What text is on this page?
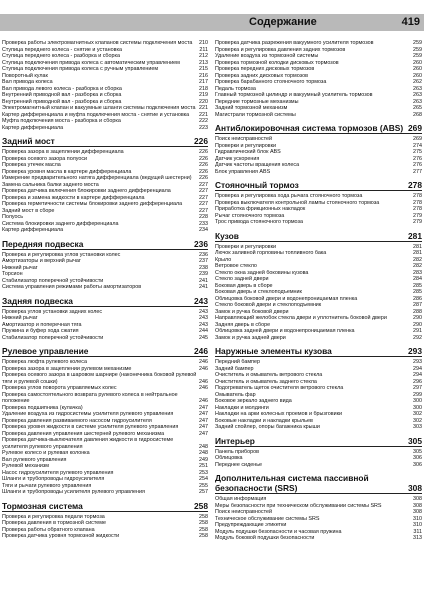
Содержание	419
Проверка работы электромагнитных клапанов системы подключения моста	210
Ступица переднего колеса - снятие и установка	211
Ступица переднего колеса - разборка и сборка	212
Ступица подключения привода колеса с автоматическим управлением	213
Ступица подключения привода колеса с ручным управлением	215
Поворотный кулак	216
Вал привода колеса	217
Вал привода левого колеса - разборка и сборка	218
Внутренний приводной вал - разборка и сборка	219
Внутренний приводной вал - разборка и сборка	220
Электромагнитный клапан и вакуумные шланги системы подключения моста 221
Картер дифференциала и муфта подключения моста - снятие и установка	221
Муфта подключения моста - разборка и сборка	222
Картер дифференциала	223
Задний мост	226
Проверка зазора в зацеплении дифференциала	226
Проверка осевого зазора полуоси	226
Проверка утечек масла	226
Проверка уровня масла в картере дифференциала	226
Измерение предварительного натяга дифференциала (ведущей шестерни)	226
Замена сальника балки заднего моста	227
Проверка датчика включения блокировки заднего дифференциала	227
Проверка и замена жидкости в картере дифференциала	227
Проверка герметичности системы блокировки заднего дифференциала	227
Задний мост в сборе	227
Полуось	228
Система блокировки заднего дифференциала	233
Картер дифференциала	234
Передняя подвеска	236
Проверка и регулировка углов установки колес	236
Амортизаторы и верхний рычаг	237
Нижний рычаг	238
Торсион	239
Стабилизатор поперечной устойчивости	241
Система управления режимами работы амортизаторов	241
Задняя подвеска	243
Проверка углов установки задних колес	243
Нижний рычаг	243
Амортизатор и поперечная тяга	243
Пружина и буфер хода сжатия	244
Стабилизатор поперечной устойчивости	245
Рулевое управление	246
Проверка люфта рулевого колеса	246
Проверка зазора в зацеплении рулевом механизме	246
Проверка осевого зазора в шаровом шарнире (наконечника боковой рулевой тяги и рулевой сошки)	246
Проверка углов поворота управляемых колес	246
Проверка самостоятельного возврата рулевого колеса в нейтральное положение	246
Проверка подшипника (кулачка)	247
Удаление воздуха из гидросистемы усилителя рулевого управления	247
Проверка давления развиваемого насосом гидроусилителя	247
Проверка уровня жидкости в системе усилителя рулевого управления	247
Проверка давления управления шестерней рулевого механизма	247
Проверка датчика-выключателя давления жидкости в гидросистеме усилителя рулевого управления	248
Рулевое колесо и рулевая колонка	248
Вал рулевого управления	249
Рулевой механизм	251
Насос гидроусилителя рулевого управления	253
Шланги и трубопроводы гидроусилителя	254
Тяги и рычаги рулевого управления	255
Шланги и трубопроводы усилителя рулевого управления	257
Тормозная система	258
Проверка и регулировка педали тормоза	258
Проверка давления в тормозной системе	258
Проверка работы обратного клапана	258
Проверка датчика уровня тормозной жидкости	258
Проверка датчика разрежения вакуумного усилителя тормозов	259
Проверка и регулировка давления задних тормозов	259
Удаление воздуха из тормозной системы	259
Проверка тормозной колодки дисковых тормозов	260
Проверка передних дисковых тормозов	260
Проверка задних дисковых тормозов	260
Проверка барабанного стояночного тормоза	262
Педаль тормоза	263
Главный тормозной цилиндр и вакуумный усилитель тормозов	263
Передние тормозные механизмы	263
Задний тормозной механизм	265
Магистрали тормозной системы	268
Антиблокировочная система тормозов (ABS) 269
Поиск неисправностей	269
Проверки и регулировки	274
Гидравлический блок ABS	275
Датчик ускорения	276
Датчик частоты вращения колеса	276
Блок управления ABS	277
Стояночный тормоз	278
Проверка и регулировка хода рычага стояночного тормоза	278
Проверка выключателя контрольной лампы стояночного тормоза	278
Приработка фрикционных накладок	278
Рычаг стояночного тормоза	279
Трос привода стояночного тормоза	279
Кузов	281
Проверки и регулировки	281
Лючок заливной горловины топливного бака	281
Крыло	282
Ветровое стекло	282
Стекло окна задней боковины кузова	283
Стекло задней двери	284
Боковая дверь в сборе	285
Боковая дверь и стеклоподъемник	285
Облицовка боковой двери и водонепроницаемая пленка	286
Стекло боковой двери и стеклоподъемник	287
Замок и ручка боковой двери	288
Направляющий желобок стекла двери и уплотнитель боковой двери	290
Задняя дверь в сборе	290
Облицовка задней двери и водонепроницаемая пленка	291
Замок и ручка задней двери	292
Наружные элементы кузова	293
Передний бампер	293
Задний бампер	294
Очиститель и омыватель ветрового стекла	294
Очиститель и омыватель заднего стекла	296
Подогреватель щеток очистителя ветрового стекла	297
Омыватель фар	299
Боковое зеркало заднего вида	300
Накладки и молдинги	300
Накладки на арки колесных проемов и брызговики	302
Боковые накладки и накладки крыльев	302
Задний спойлер, опоры багажника крыши	303
Интерьер	305
Панель приборов	305
Облицовка	306
Переднее сиденье	306
Дополнительная система пассивной безопасности (SRS)	308
Общая информация	308
Меры безопасности при техническом обслуживании системы SRS	308
Поиск неисправностей	308
Техническое обслуживание системы SRS	310
Предупреждающие этикетки	310
Модуль подушки безопасности и часовая пружина	311
Модуль боковой подушки безопасности	313
